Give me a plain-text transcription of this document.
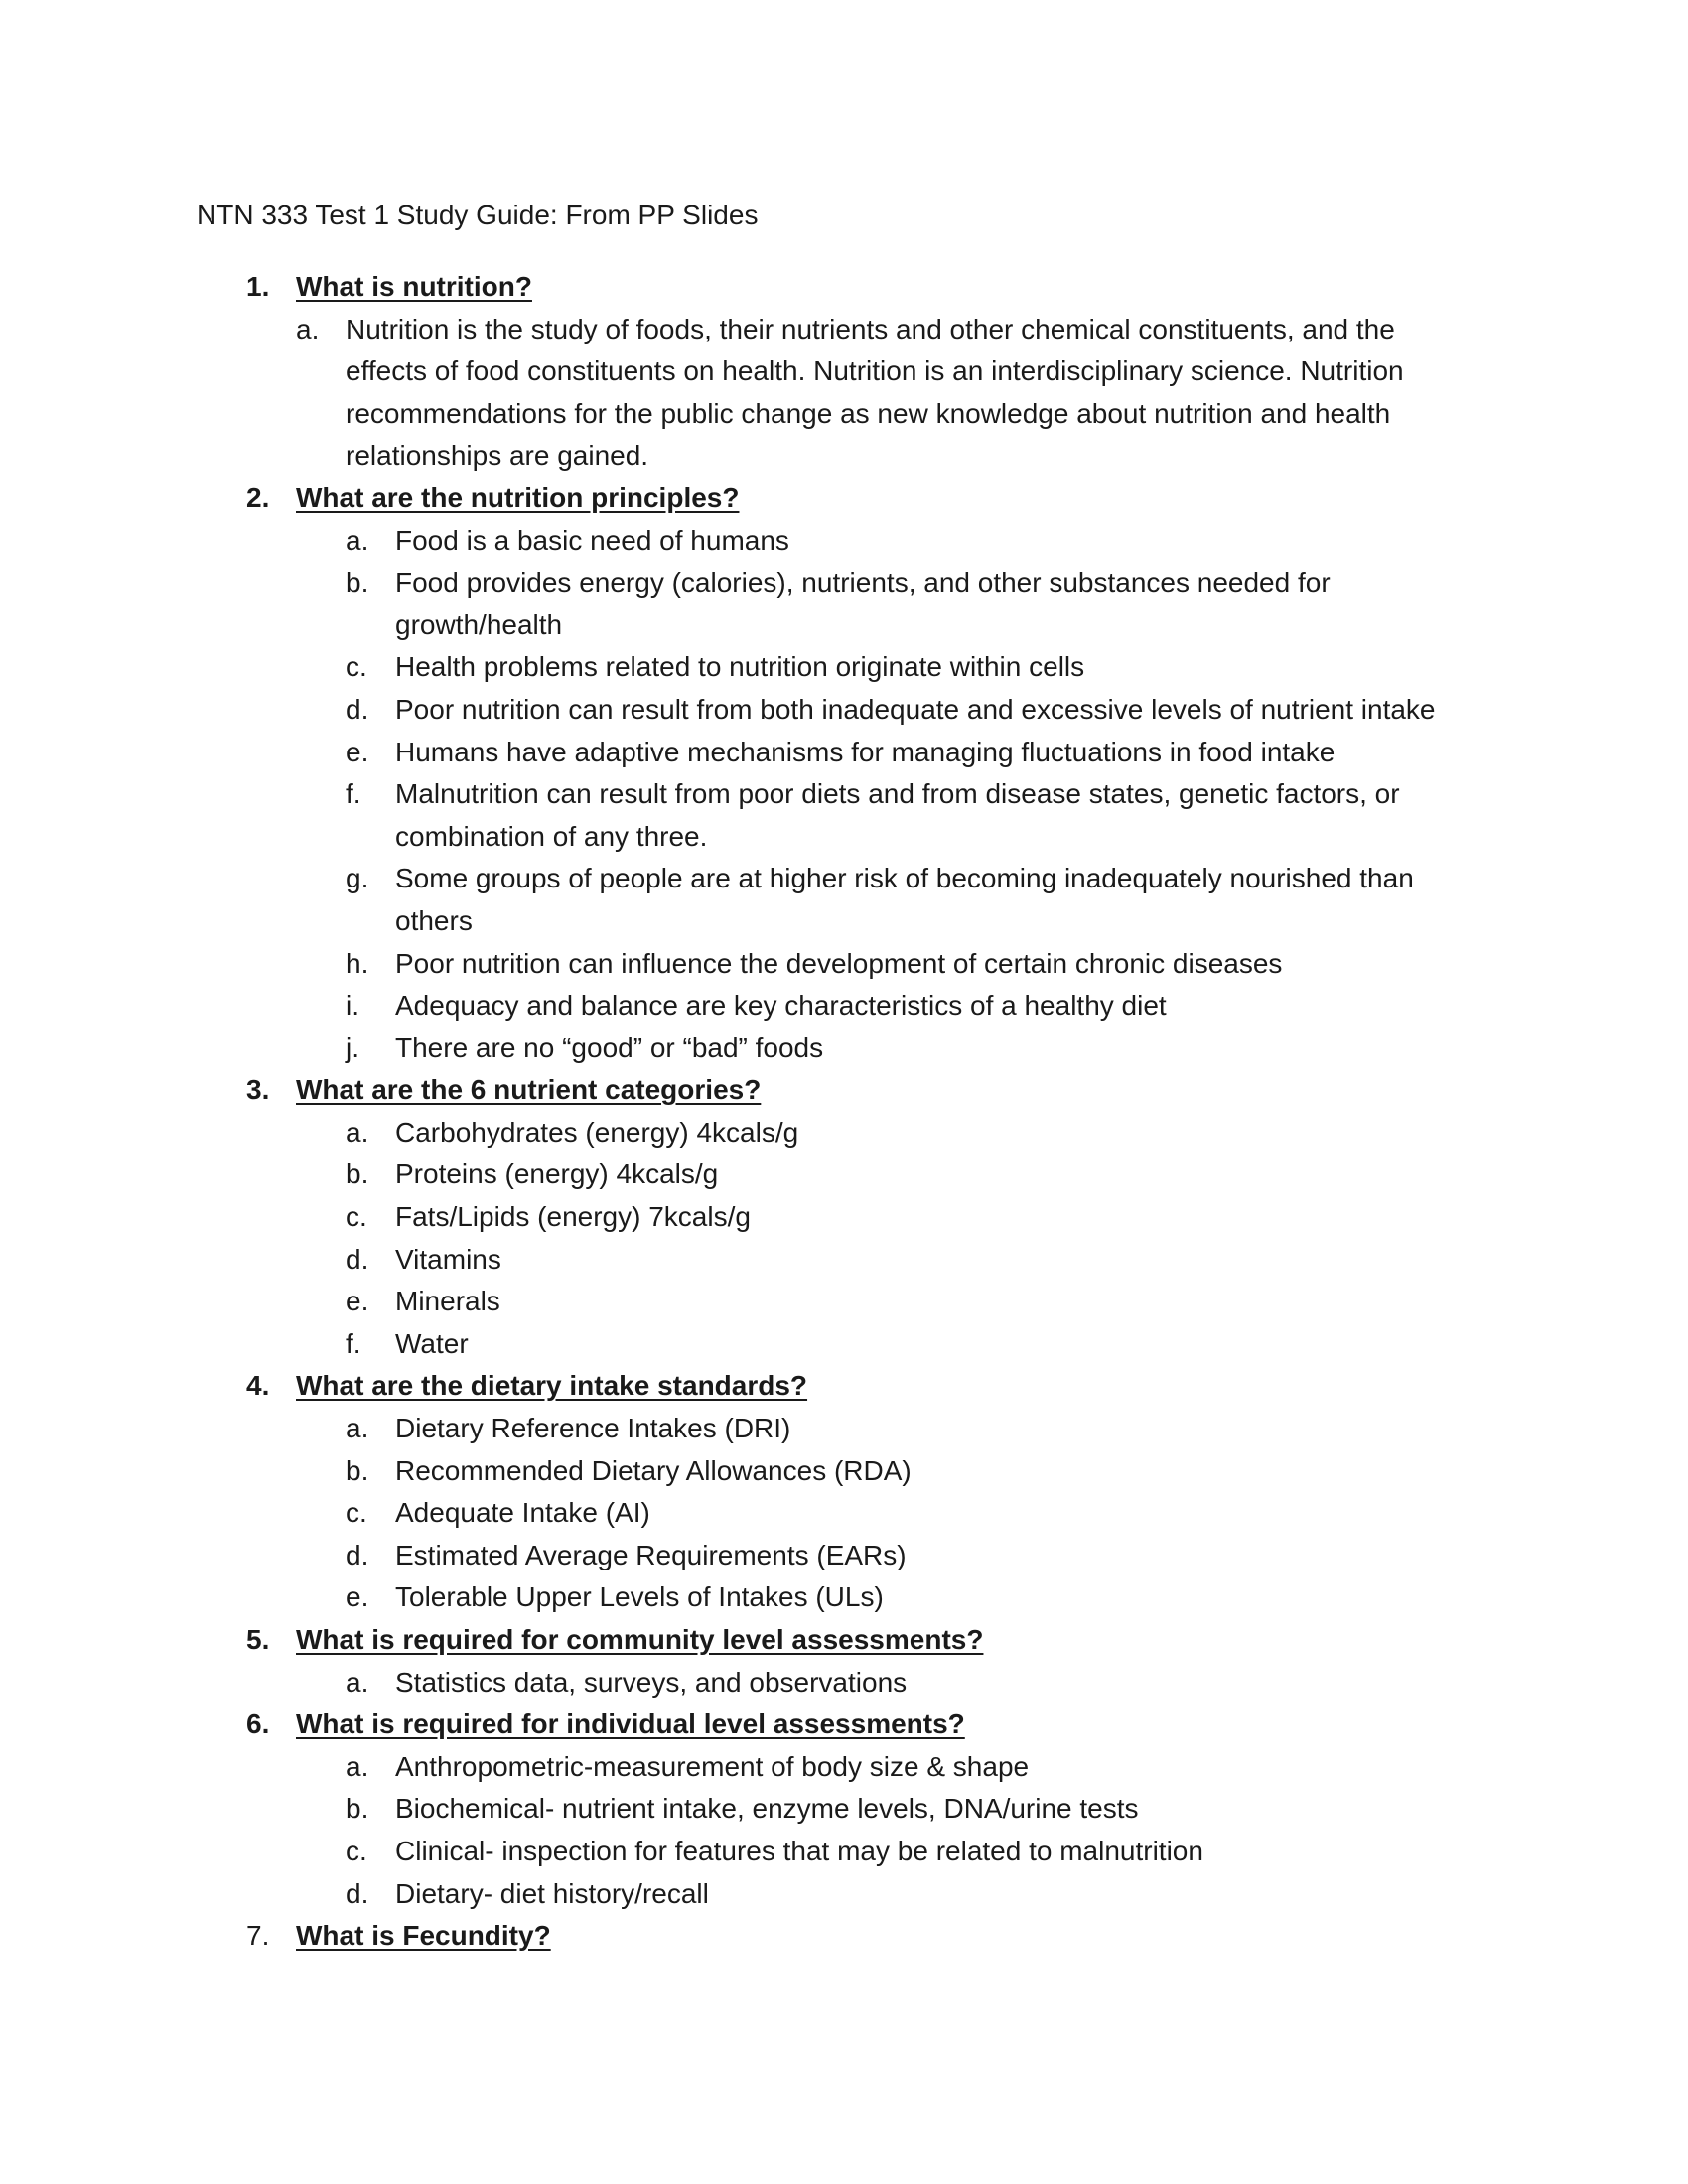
NTN 333 Test 1 Study Guide: From PP Slides
1. What is nutrition?
a. Nutrition is the study of foods, their nutrients and other chemical constituents, and the effects of food constituents on health. Nutrition is an interdisciplinary science. Nutrition recommendations for the public change as new knowledge about nutrition and health relationships are gained.
2. What are the nutrition principles?
a. Food is a basic need of humans
b. Food provides energy (calories), nutrients, and other substances needed for growth/health
c. Health problems related to nutrition originate within cells
d. Poor nutrition can result from both inadequate and excessive levels of nutrient intake
e. Humans have adaptive mechanisms for managing fluctuations in food intake
f. Malnutrition can result from poor diets and from disease states, genetic factors, or combination of any three.
g. Some groups of people are at higher risk of becoming inadequately nourished than others
h. Poor nutrition can influence the development of certain chronic diseases
i. Adequacy and balance are key characteristics of a healthy diet
j. There are no “good” or “bad” foods
3. What are the 6 nutrient categories?
a. Carbohydrates (energy) 4kcals/g
b. Proteins (energy) 4kcals/g
c. Fats/Lipids (energy) 7kcals/g
d. Vitamins
e. Minerals
f. Water
4. What are the dietary intake standards?
a. Dietary Reference Intakes (DRI)
b. Recommended Dietary Allowances (RDA)
c. Adequate Intake (AI)
d. Estimated Average Requirements (EARs)
e. Tolerable Upper Levels of Intakes (ULs)
5. What is required for community level assessments?
a. Statistics data, surveys, and observations
6. What is required for individual level assessments?
a. Anthropometric-measurement of body size & shape
b. Biochemical- nutrient intake, enzyme levels, DNA/urine tests
c. Clinical- inspection for features that may be related to malnutrition
d. Dietary- diet history/recall
7. What is Fecundity?
